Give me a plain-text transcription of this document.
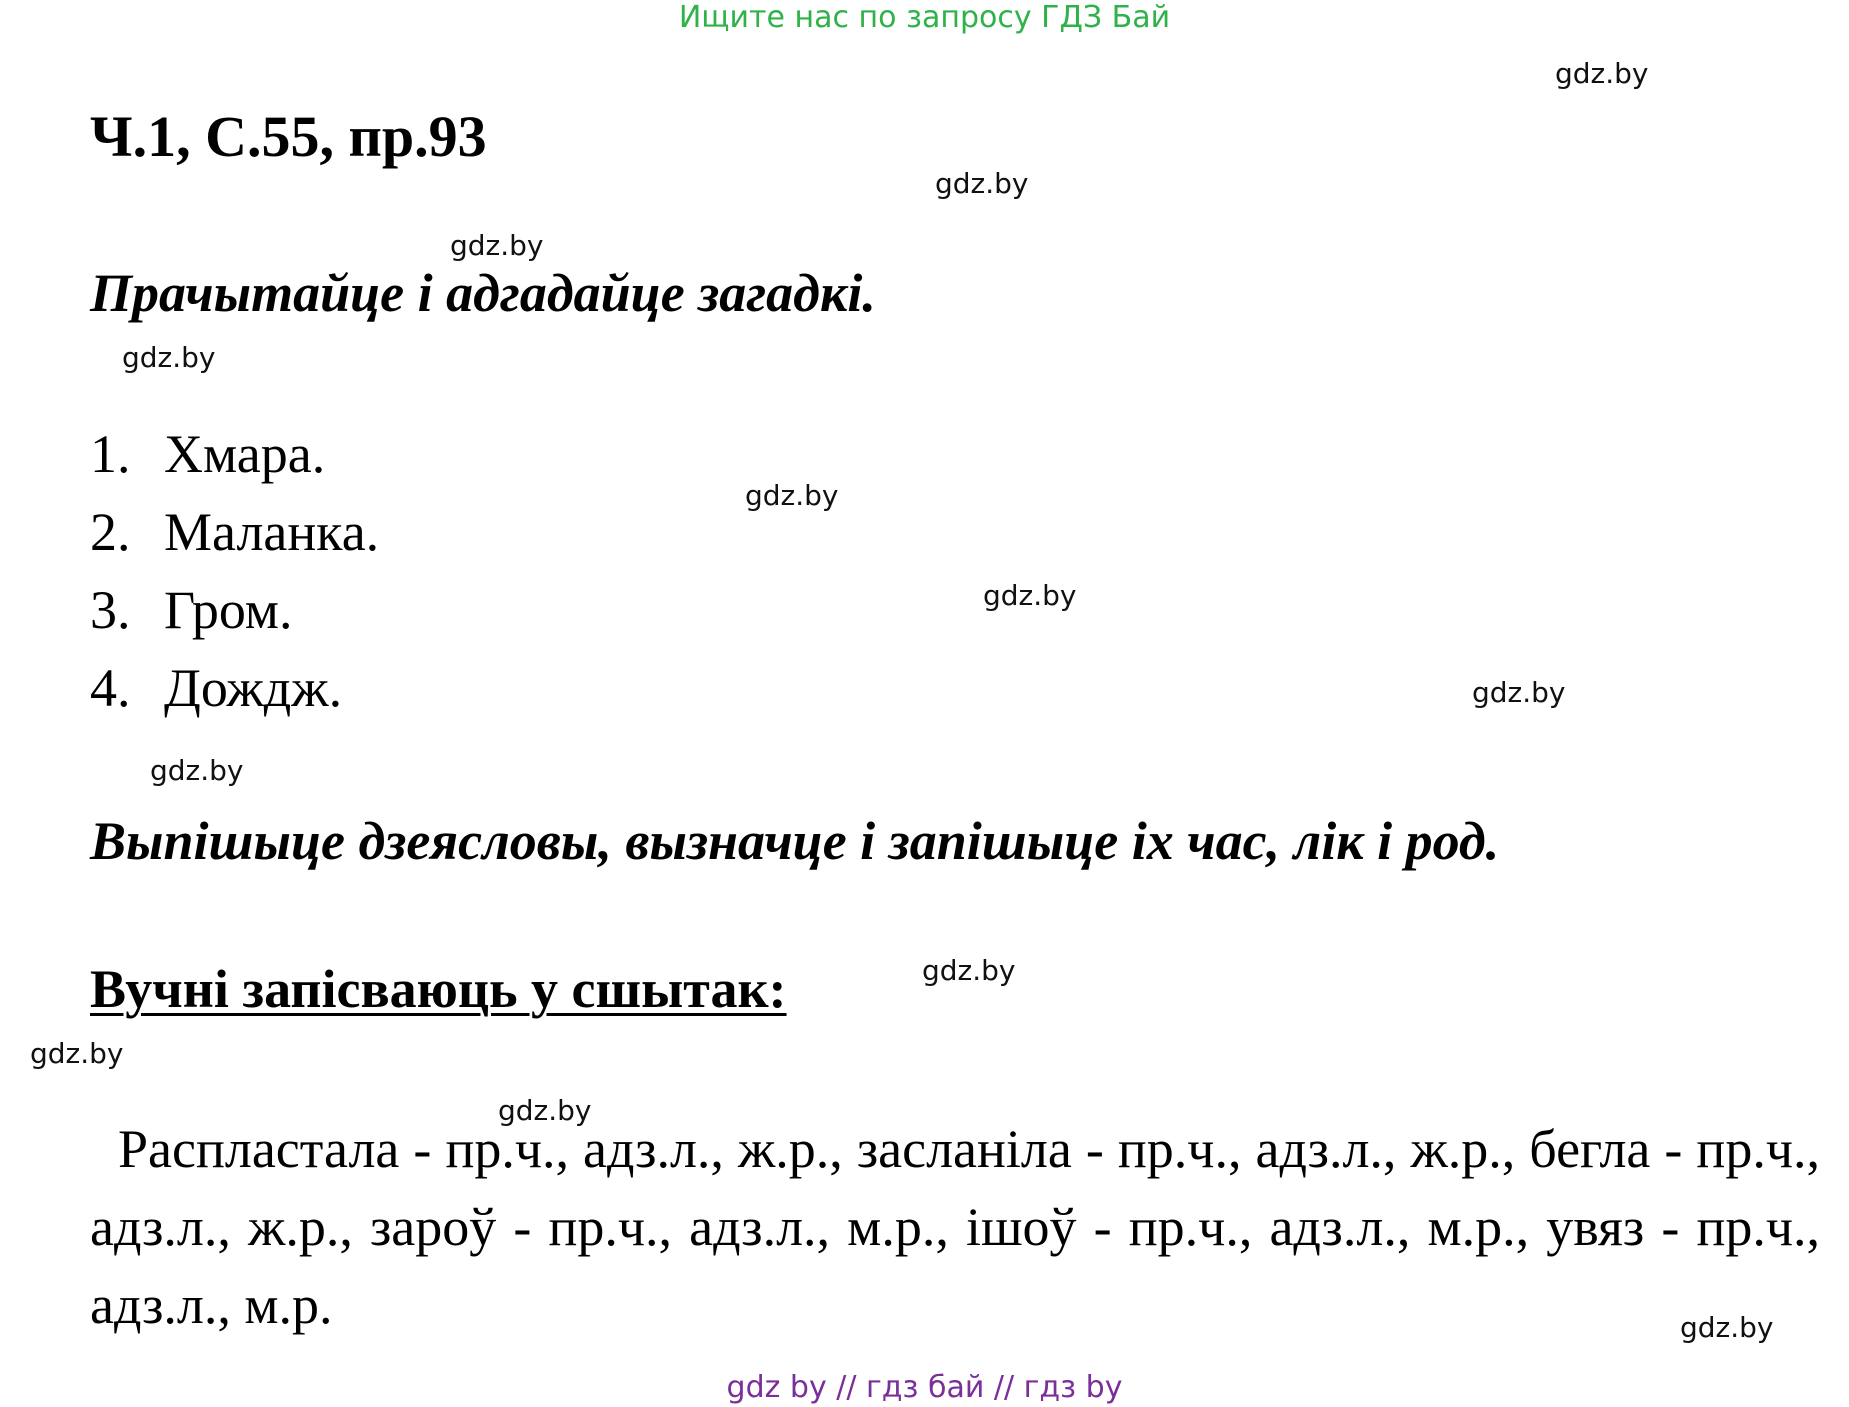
Ищите нас по запросу ГДЗ Бай
gdz.by
gdz.by
gdz.by
gdz.by
gdz.by
gdz.by
gdz.by
gdz.by
gdz.by
gdz.by
gdz.by
gdz.by
Ч.1, С.55, пр.93
Прачытайце і адгадайце загадкі.
1. Хмара.
2. Маланка.
3. Гром.
4. Дождж.
Выпішыце дзеясловы, вызначце і запішыце іх час, лік і род.
Вучні запісваюць у сшытак:

Распластала - пр.ч., адз.л., ж.р., засланіла - пр.ч., адз.л., ж.р., бегла - пр.ч., адз.л., ж.р., зароў - пр.ч., адз.л., м.р., ішоў - пр.ч., адз.л., м.р., увяз - пр.ч., адз.л., м.р.

gdz by // гдз бай // гдз by
